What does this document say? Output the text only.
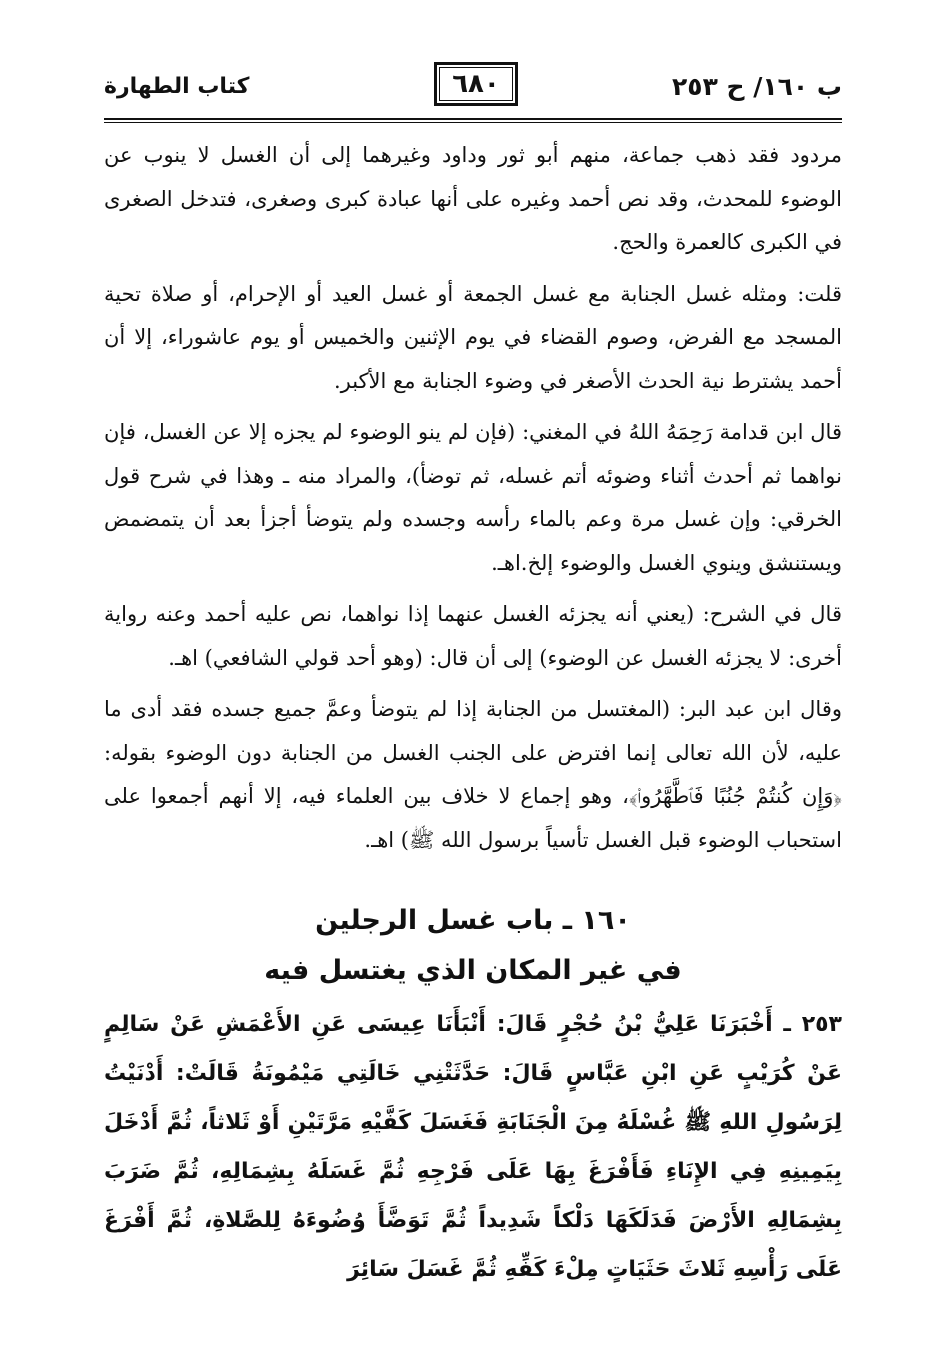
ب ١٦٠/ ح ٢٥٣
٦٨٠
كتاب الطهارة

مردود فقد ذهب جماعة، منهم أبو ثور وداود وغيرهما إلى أن الغسل لا ينوب عن الوضوء للمحدث، وقد نص أحمد وغيره على أنها عبادة كبرى وصغرى، فتدخل الصغرى في الكبرى كالعمرة والحج.

قلت: ومثله غسل الجنابة مع غسل الجمعة أو غسل العيد أو الإحرام، أو صلاة تحية المسجد مع الفرض، وصوم القضاء في يوم الإثنين والخميس أو يوم عاشوراء، إلا أن أحمد يشترط نية الحدث الأصغر في وضوء الجنابة مع الأكبر.

قال ابن قدامة رَحِمَهُ اللهُ في المغني: (فإن لم ينو الوضوء لم يجزه إلا عن الغسل، فإن نواهما ثم أحدث أثناء وضوئه أتم غسله، ثم توضأ)، والمراد منه ـ وهذا في شرح قول الخرقي: وإن غسل مرة وعم بالماء رأسه وجسده ولم يتوضأ أجزأ بعد أن يتمضمض ويستنشق وينوي الغسل والوضوء إلخ.اهـ.

قال في الشرح: (يعني أنه يجزئه الغسل عنهما إذا نواهما، نص عليه أحمد وعنه رواية أخرى: لا يجزئه الغسل عن الوضوء) إلى أن قال: (وهو أحد قولي الشافعي) اهـ.

وقال ابن عبد البر: (المغتسل من الجنابة إذا لم يتوضأ وعمَّ جميع جسده فقد أدى ما عليه، لأن الله تعالى إنما افترض على الجنب الغسل من الجنابة دون الوضوء بقوله: ﴿وَإِن كُنتُمْ جُنُبًا فَٱطَّهَّرُوا۟﴾، وهو إجماع لا خلاف بين العلماء فيه، إلا أنهم أجمعوا على استحباب الوضوء قبل الغسل تأسياً برسول الله ﷺ) اهـ.

١٦٠ ـ باب غسل الرجلين
في غير المكان الذي يغتسل فيه

٢٥٣ ـ أَخْبَرَنَا عَلِيُّ بْنُ حُجْرٍ قَالَ: أَنْبَأَنَا عِيسَى عَنِ الأَعْمَشِ عَنْ سَالِمٍ عَنْ كُرَيْبٍ عَنِ ابْنِ عَبَّاسٍ قَالَ: حَدَّثَتْنِي خَالَتِي مَيْمُونَةُ قَالَتْ: أَدْنَيْتُ لِرَسُولِ اللهِ ﷺ غُسْلَهُ مِنَ الْجَنَابَةِ فَغَسَلَ كَفَّيْهِ مَرَّتَيْنِ أَوْ ثَلاثاً، ثُمَّ أَدْخَلَ بِيَمِينِهِ فِي الإِنَاءِ فَأَفْرَغَ بِهَا عَلَى فَرْجِهِ ثُمَّ غَسَلَهُ بِشِمَالِهِ، ثُمَّ ضَرَبَ بِشِمَالِهِ الأَرْضَ فَدَلَكَهَا دَلْكاً شَدِيداً ثُمَّ تَوَضَّأَ وُضُوءَهُ لِلصَّلاةِ، ثُمَّ أَفْرَغَ عَلَى رَأْسِهِ ثَلاثَ حَثَيَاتٍ مِلْءَ كَفِّهِ ثُمَّ غَسَلَ سَائِرَ
